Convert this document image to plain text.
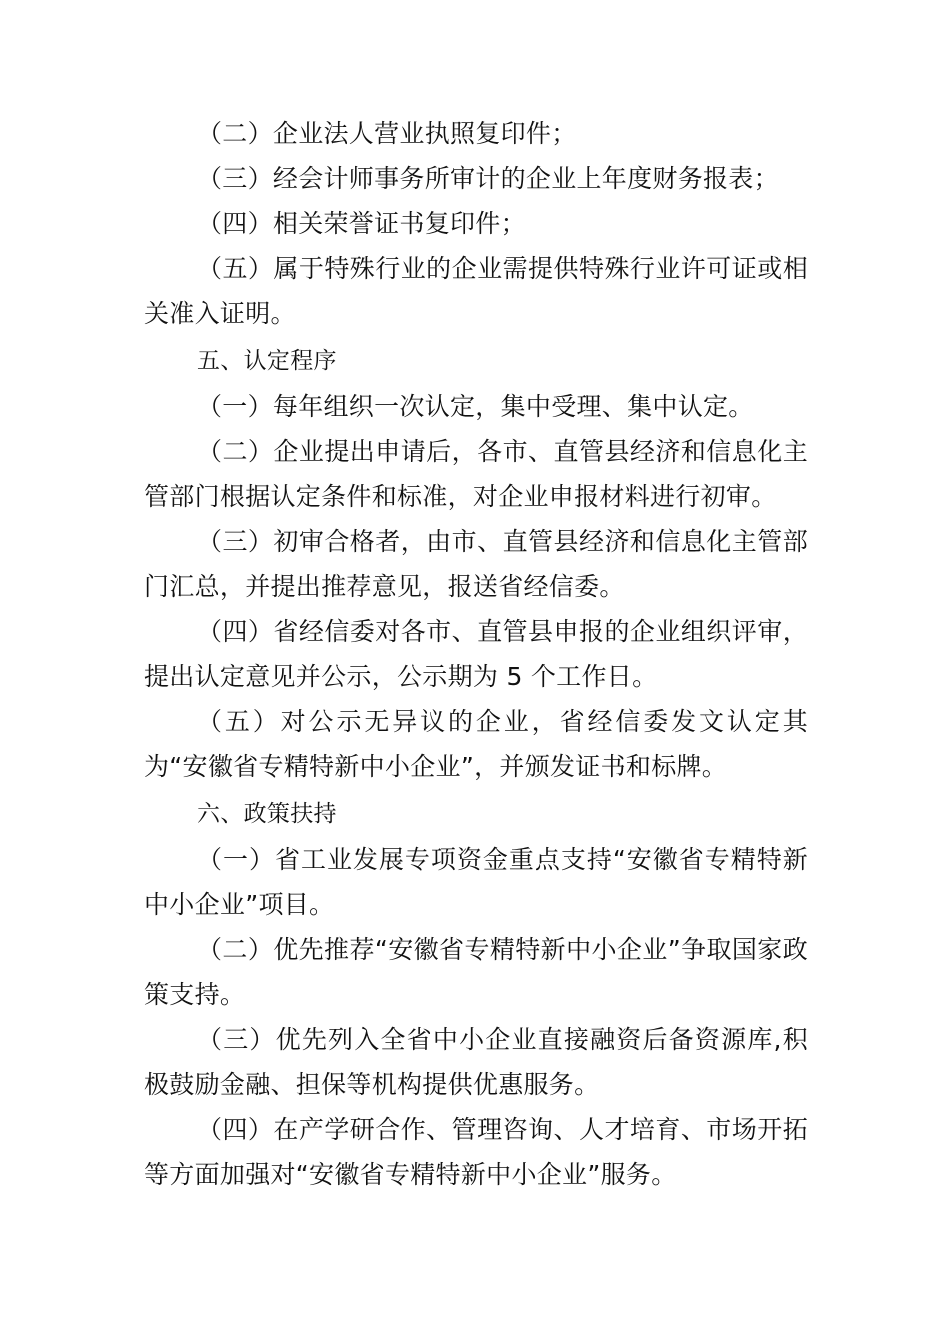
（二）企业法人营业执照复印件；

（三）经会计师事务所审计的企业上年度财务报表；

（四）相关荣誉证书复印件；

（五）属于特殊行业的企业需提供特殊行业许可证或相关准入证明。

五、认定程序

（一）每年组织一次认定，集中受理、集中认定。

（二）企业提出申请后，各市、直管县经济和信息化主管部门根据认定条件和标准，对企业申报材料进行初审。

（三）初审合格者，由市、直管县经济和信息化主管部门汇总，并提出推荐意见，报送省经信委。

（四）省经信委对各市、直管县申报的企业组织评审，提出认定意见并公示，公示期为 5 个工作日。

（五）对公示无异议的企业，省经信委发文认定其为“安徽省专精特新中小企业”，并颁发证书和标牌。

六、政策扶持

（一）省工业发展专项资金重点支持“安徽省专精特新中小企业”项目。

（二）优先推荐“安徽省专精特新中小企业”争取国家政策支持。

（三）优先列入全省中小企业直接融资后备资源库,积极鼓励金融、担保等机构提供优惠服务。

（四）在产学研合作、管理咨询、人才培育、市场开拓等方面加强对“安徽省专精特新中小企业”服务。
